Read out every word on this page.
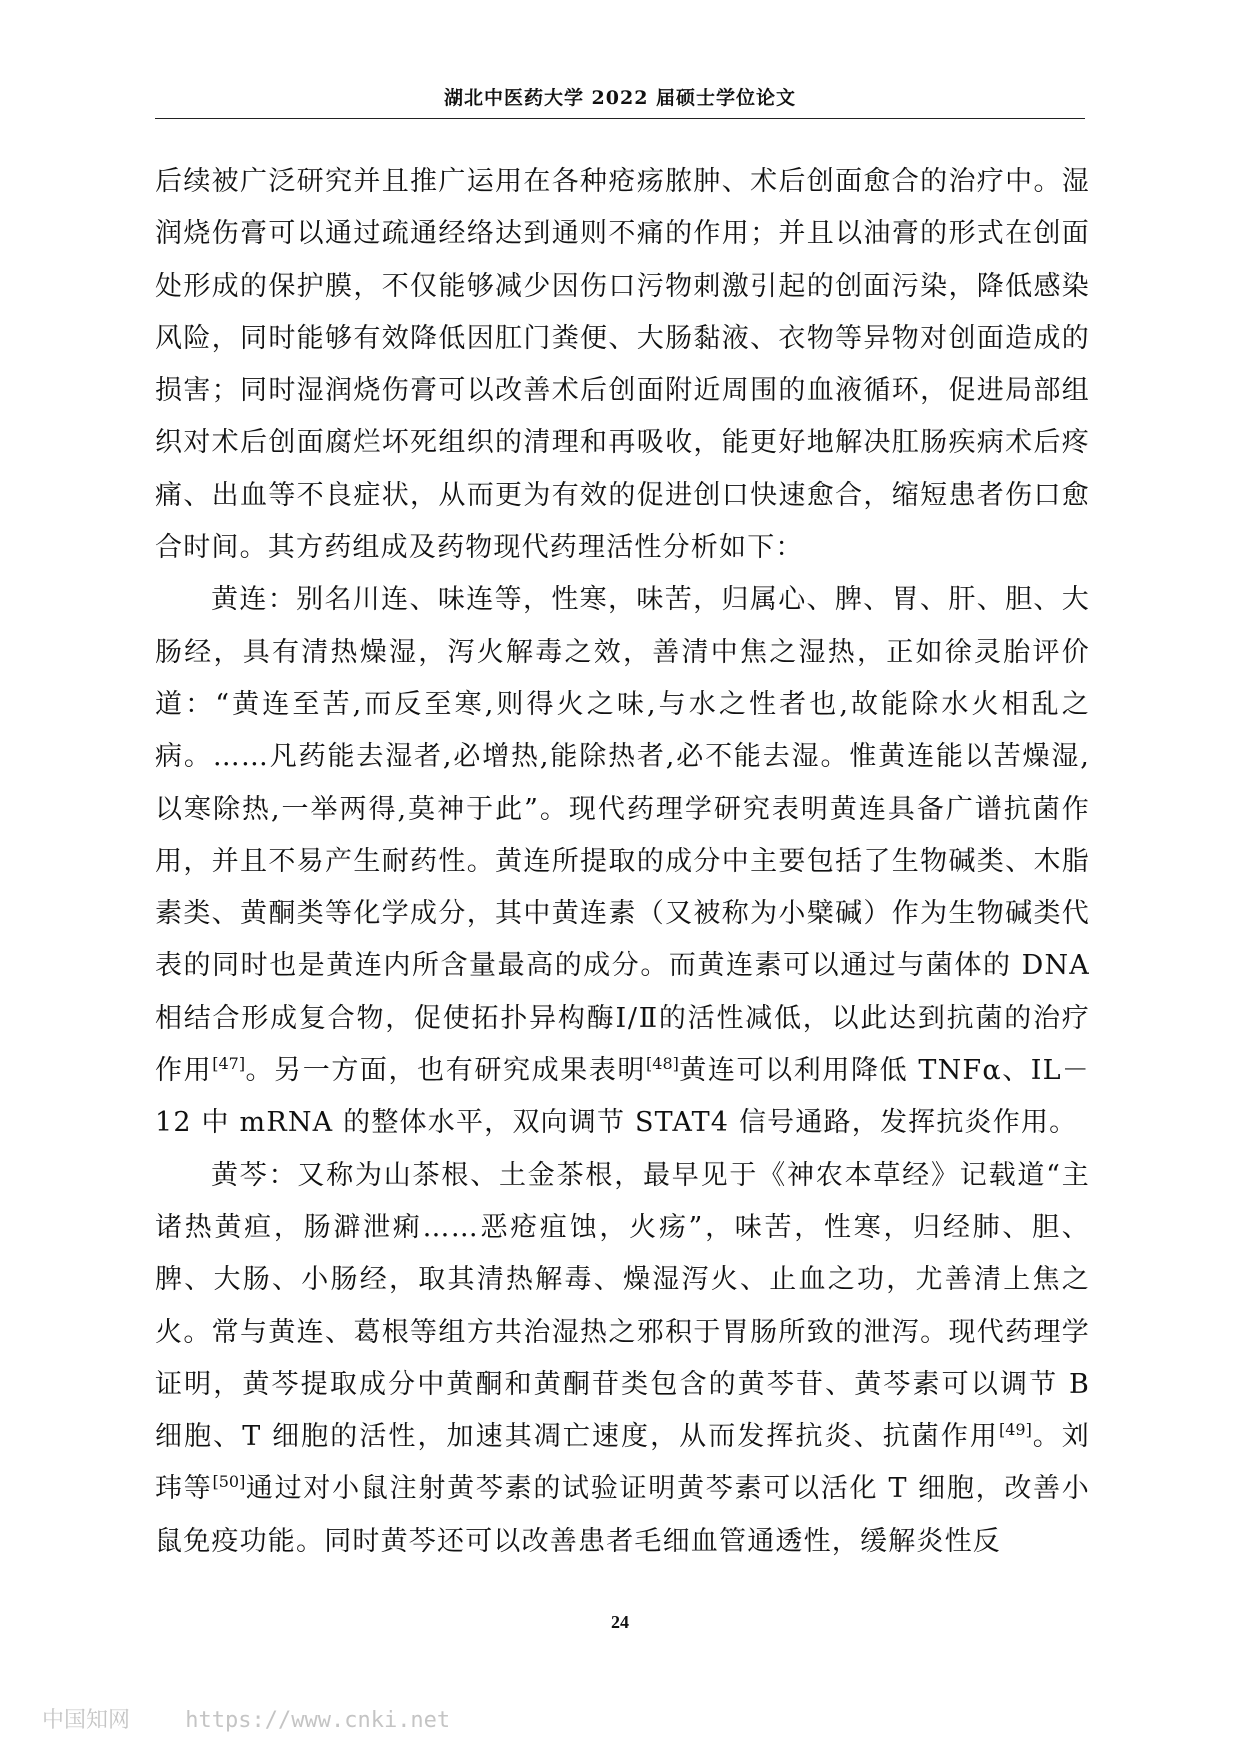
湖北中医药大学 2022 届硕士学位论文

后续被广泛研究并且推广运用在各种疮疡脓肿、术后创面愈合的治疗中。湿润烧伤膏可以通过疏通经络达到通则不痛的作用；并且以油膏的形式在创面处形成的保护膜，不仅能够减少因伤口污物刺激引起的创面污染，降低感染风险，同时能够有效降低因肛门粪便、大肠黏液、衣物等异物对创面造成的损害；同时湿润烧伤膏可以改善术后创面附近周围的血液循环，促进局部组织对术后创面腐烂坏死组织的清理和再吸收，能更好地解决肛肠疾病术后疼痛、出血等不良症状，从而更为有效的促进创口快速愈合，缩短患者伤口愈合时间。其方药组成及药物现代药理活性分析如下：

黄连：别名川连、味连等，性寒，味苦，归属心、脾、胃、肝、胆、大肠经，具有清热燥湿，泻火解毒之效，善清中焦之湿热，正如徐灵胎评价道：“黄连至苦,而反至寒,则得火之味,与水之性者也,故能除水火相乱之病。……凡药能去湿者,必增热,能除热者,必不能去湿。惟黄连能以苦燥湿,以寒除热,一举两得,莫神于此”。现代药理学研究表明黄连具备广谱抗菌作用，并且不易产生耐药性。黄连所提取的成分中主要包括了生物碱类、木脂素类、黄酮类等化学成分，其中黄连素（又被称为小檗碱）作为生物碱类代表的同时也是黄连内所含量最高的成分。而黄连素可以通过与菌体的 DNA 相结合形成复合物，促使拓扑异构酶Ⅰ/Ⅱ的活性减低，以此达到抗菌的治疗作用[47]。另一方面，也有研究成果表明[48]黄连可以利用降低 TNFα、IL－12 中 mRNA 的整体水平，双向调节 STAT4 信号通路，发挥抗炎作用。

黄芩：又称为山茶根、土金茶根，最早见于《神农本草经》记载道“主诸热黄疸，肠澼泄痢……恶疮疽蚀，火疡”，味苦，性寒，归经肺、胆、脾、大肠、小肠经，取其清热解毒、燥湿泻火、止血之功，尤善清上焦之火。常与黄连、葛根等组方共治湿热之邪积于胃肠所致的泄泻。现代药理学证明，黄芩提取成分中黄酮和黄酮苷类包含的黄芩苷、黄芩素可以调节 B 细胞、T 细胞的活性，加速其凋亡速度，从而发挥抗炎、抗菌作用[49]。刘玮等[50]通过对小鼠注射黄芩素的试验证明黄芩素可以活化 T 细胞，改善小鼠免疫功能。同时黄芩还可以改善患者毛细血管通透性，缓解炎性反

24
中国知网	https://www.cnki.net
